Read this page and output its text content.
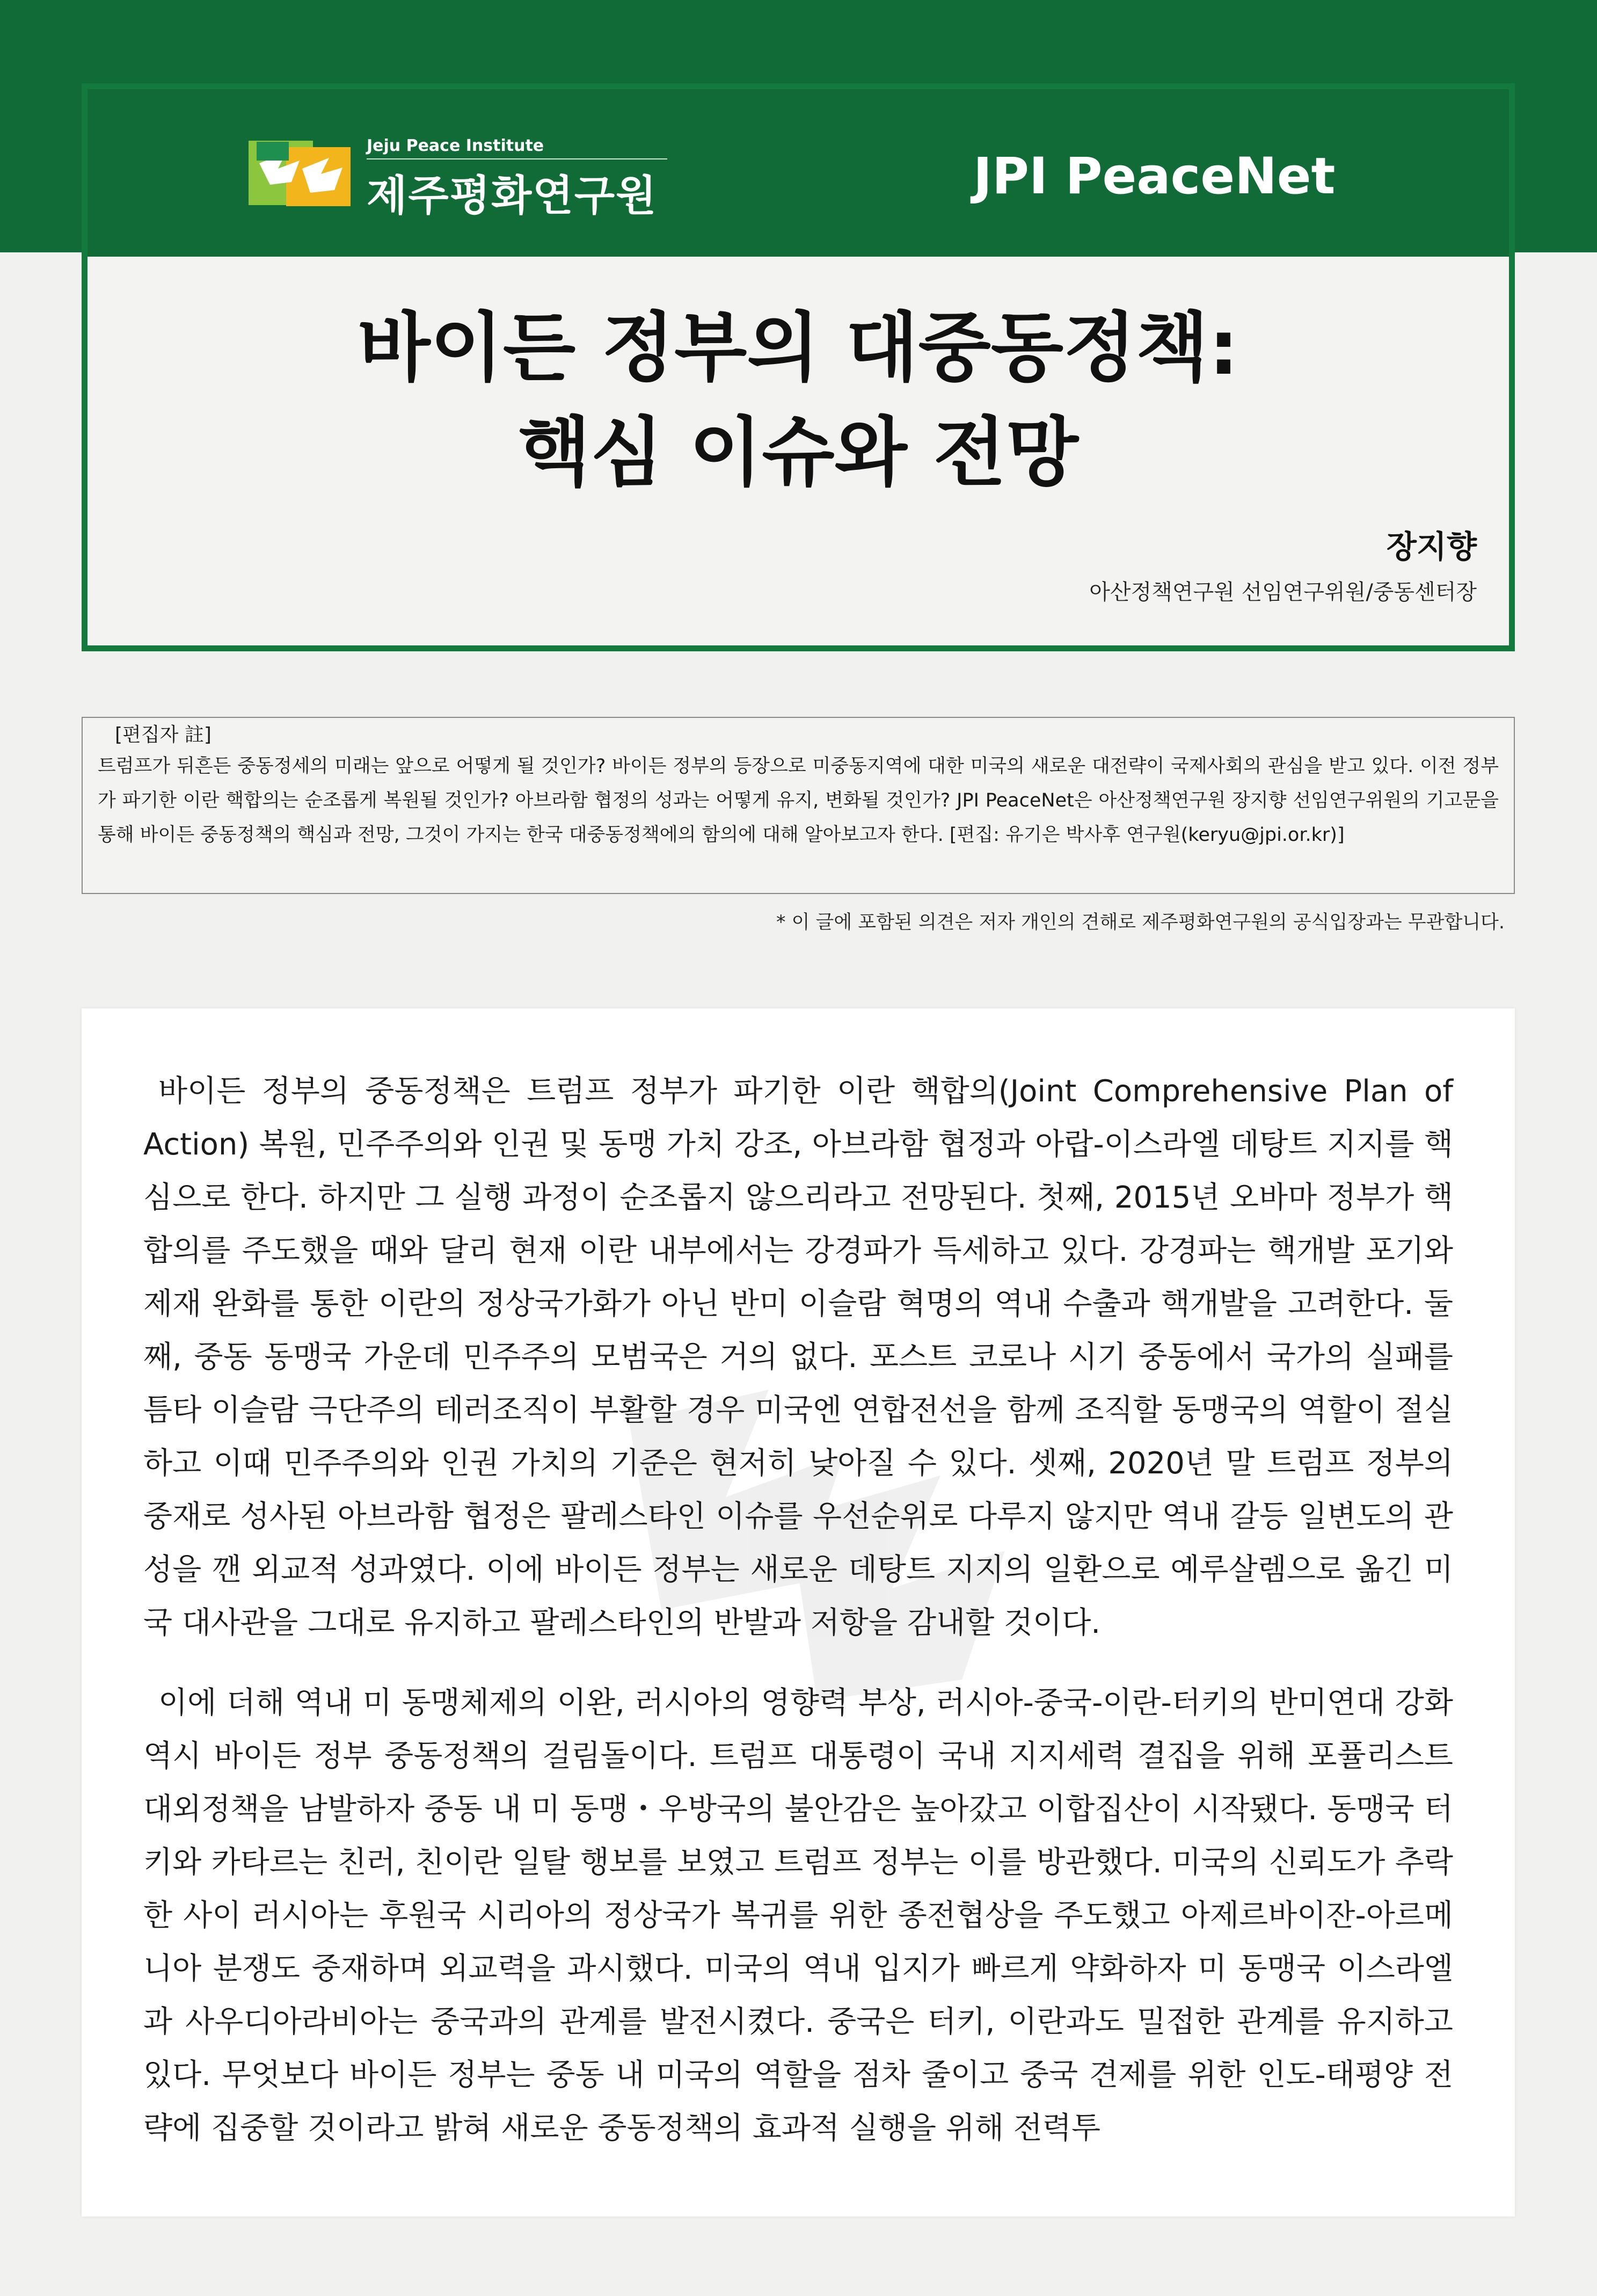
Jeju Peace Institute
제주평화연구원	JPI PeaceNet
바이든 정부의 대중동정책:
핵심 이슈와 전망
장지향
아산정책연구원 선임연구위원/중동센터장
[편집자 註]

트럼프가 뒤흔든 중동정세의 미래는 앞으로 어떻게 될 것인가? 바이든 정부의 등장으로 미중동지역에 대한 미국의 새로운 대전략이 국제사회의 관심을 받고 있다. 이전 정부가 파기한 이란 핵합의는 순조롭게 복원될 것인가? 아브라함 협정의 성과는 어떻게 유지, 변화될 것인가? JPI PeaceNet은 아산정책연구원 장지향 선임연구위원의 기고문을 통해 바이든 중동정책의 핵심과 전망, 그것이 가지는 한국 대중동정책에의 함의에 대해 알아보고자 한다. [편집: 유기은 박사후 연구원(keryu@jpi.or.kr)]

* 이 글에 포함된 의견은 저자 개인의 견해로 제주평화연구원의 공식입장과는 무관합니다.

바이든 정부의 중동정책은 트럼프 정부가 파기한 이란 핵합의(Joint Comprehensive Plan of Action) 복원, 민주주의와 인권 및 동맹 가치 강조, 아브라함 협정과 아랍-이스라엘 데탕트 지지를 핵심으로 한다. 하지만 그 실행 과정이 순조롭지 않으리라고 전망된다. 첫째, 2015년 오바마 정부가 핵합의를 주도했을 때와 달리 현재 이란 내부에서는 강경파가 득세하고 있다. 강경파는 핵개발 포기와 제재 완화를 통한 이란의 정상국가화가 아닌 반미 이슬람 혁명의 역내 수출과 핵개발을 고려한다. 둘째, 중동 동맹국 가운데 민주주의 모범국은 거의 없다. 포스트 코로나 시기 중동에서 국가의 실패를 틈타 이슬람 극단주의 테러조직이 부활할 경우 미국엔 연합전선을 함께 조직할 동맹국의 역할이 절실하고 이때 민주주의와 인권 가치의 기준은 현저히 낮아질 수 있다. 셋째, 2020년 말 트럼프 정부의 중재로 성사된 아브라함 협정은 팔레스타인 이슈를 우선순위로 다루지 않지만 역내 갈등 일변도의 관성을 깬 외교적 성과였다. 이에 바이든 정부는 새로운 데탕트 지지의 일환으로 예루살렘으로 옮긴 미국 대사관을 그대로 유지하고 팔레스타인의 반발과 저항을 감내할 것이다.

이에 더해 역내 미 동맹체제의 이완, 러시아의 영향력 부상, 러시아-중국-이란-터키의 반미연대 강화 역시 바이든 정부 중동정책의 걸림돌이다. 트럼프 대통령이 국내 지지세력 결집을 위해 포퓰리스트 대외정책을 남발하자 중동 내 미 동맹・우방국의 불안감은 높아갔고 이합집산이 시작됐다. 동맹국 터키와 카타르는 친러, 친이란 일탈 행보를 보였고 트럼프 정부는 이를 방관했다. 미국의 신뢰도가 추락한 사이 러시아는 후원국 시리아의 정상국가 복귀를 위한 종전협상을 주도했고 아제르바이잔-아르메니아 분쟁도 중재하며 외교력을 과시했다. 미국의 역내 입지가 빠르게 약화하자 미 동맹국 이스라엘과 사우디아라비아는 중국과의 관계를 발전시켰다. 중국은 터키, 이란과도 밀접한 관계를 유지하고 있다. 무엇보다 바이든 정부는 중동 내 미국의 역할을 점차 줄이고 중국 견제를 위한 인도-태평양 전략에 집중할 것이라고 밝혀 새로운 중동정책의 효과적 실행을 위해 전력투
